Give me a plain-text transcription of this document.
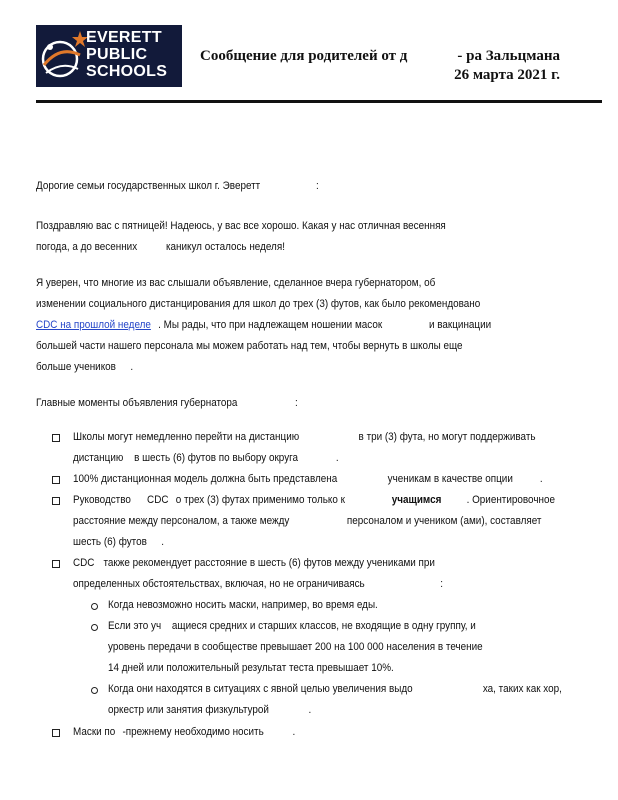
EVERETT
PUBLIC
SCHOOLS
Сообщение для родителей от д	- ра Зальцмана
26 марта 2021 г.
Дорогие семьи государственных школ г. Эверетт	:
Поздравляю вас с пятницей! Надеюсь, у вас все хорошо. Какая у нас отличная весенняя
погода, а до весенних	каникул осталось неделя!
Я уверен, что многие из вас слышали объявление, сделанное вчера губернатором, об
изменении социального дистанцирования для школ до трех (3) футов, как было рекомендовано
CDC на прошлой неделе . Мы рады, что при надлежащем ношении масок	и вакцинации
большей части нашего персонала мы можем работать над тем, чтобы вернуть в школы еще
больше учеников .
Главные моменты объявления губернатора	:
Школы могут немедленно перейти на дистанцию	в три (3) фута, но могут поддерживать
дистанцию в шесть (6) футов по выбору округа	.
100% дистанционная модель должна быть представлена	ученикам в качестве опции .
Руководство CDC о трех (3) футах применимо только к	учащимся . Ориентировочное
расстояние между персоналом, а также между	персоналом и учеником (ами), составляет
шесть (6) футов .
CDC также рекомендует расстояние в шесть (6) футов между учениками при
определенных обстоятельствах, включая, но не ограничиваясь	:
Когда невозможно носить маски, например, во время еды.
Если это уч ащиеся средних и старших классов, не входящие в одну группу, и
уровень передачи в сообществе превышает 200 на 100 000 населения в течение
14 дней или положительный результат теста превышает 10%.
Когда они находятся в ситуациях с явной целью увеличения выдо	ха, таких как хор,
оркестр или занятия физкультурой	.
Маски по -прежнему необходимо носить	.
